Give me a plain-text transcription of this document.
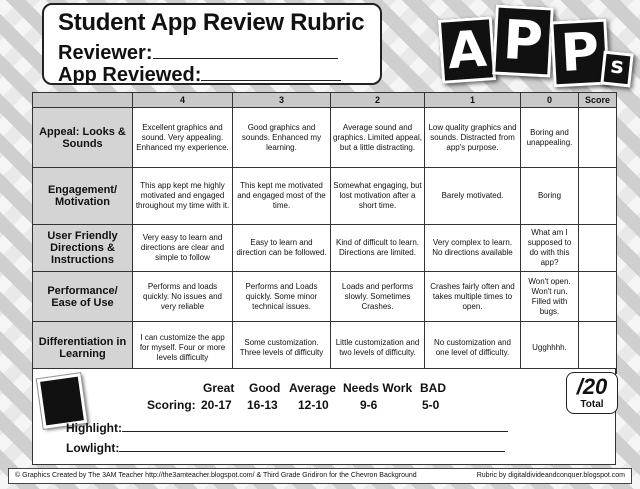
Student App Review Rubric
Reviewer:
App Reviewed:	A P P s
	4	3	2	1	0	Score
Appeal: Looks & Sounds	Excellent graphics and sound. Very appealing. Enhanced my experience.	Good graphics and sounds. Enhanced my learning.	Average sound and graphics. Limited appeal, but a little distracting.	Low quality graphics and sounds. Distracted from app's purpose.	Boring and unappealing.	
Engagement/ Motivation	This app kept me highly motivated and engaged throughout my time with it.	This kept me motivated and engaged most of the time.	Somewhat engaging, but lost motivation after a short time.	Barely motivated.	Boring	
User Friendly Directions & Instructions	Very easy to learn and directions are clear and simple to follow	Easy to learn and direction can be followed.	Kind of difficult to learn. Directions are limited.	Very complex to learn. No directions available	What am I supposed to do with this app?	
Performance/ Ease of Use	Performs and loads quickly. No issues and very reliable	Performs and Loads quickly. Some minor technical issues.	Loads and performs slowly. Sometimes Crashes.	Crashes fairly often and takes multiple times to open.	Won't open. Won't run. Filled with bugs.	
Differentiation in Learning	I can customize the app for myself. Four or more levels difficulty	Some customization. Three levels of difficulty	Little customization and two levels of difficulty.	No customization and one level of difficulty.	Ugghhhh.	
Great Good Average Needs Work BAD
Scoring: 20-17 16-13 12-10	9-6	5-0
/20
Total
Highlight:
Lowlight:
© Graphics Created by The 3AM Teacher http://the3amteacher.blogspot.com/ & Third Grade Gridiron for the Chevron Background	Rubric by digitaldivideandconquer.blogspot.com
